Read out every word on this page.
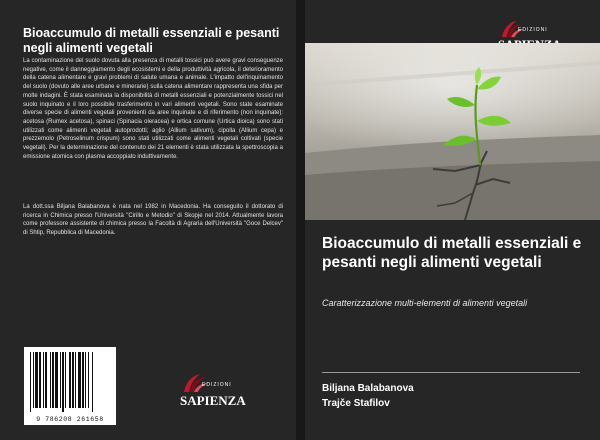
Bioaccumulo di metalli essenziali e pesanti negli alimenti vegetali
La contaminazione del suolo dovuta alla presenza di metalli tossici può avere gravi conseguenze negative, come il danneggiamento degli ecosistemi e della produttività agricola, il deterioramento della catena alimentare e gravi problemi di salute umana e animale. L'impatto dell'inquinamento del suolo (dovuto alle aree urbane e minerarie) sulla catena alimentare rappresenta una sfida per molte indagini. È stata esaminata la disponibilità di metalli essenziali e potenzialmente tossici nel suolo inquinato e il loro possibile trasferimento in vari alimenti vegetali. Sono state esaminate diverse specie di alimenti vegetali provenienti da aree inquinate e di riferimento (non inquinate): acetosa (Rumex acetosa), spinaci (Spinacia oleracea) e ortica comune (Urtica dioica) sono stati utilizzati come alimenti vegetali autoprodotti; aglio (Allium sativum), cipolla (Allium cepa) e prezzemolo (Petroselinum crispum) sono stati utilizzati come alimenti vegetali coltivati (specie vegetali). Per la determinazione del contenuto dei 21 elementi è stata utilizzata la spettroscopia a emissione atomica con plasma accoppiato induttivamente.
La dott.ssa Biljana Balabanova è nata nel 1982 in Macedonia. Ha conseguito il dottorato di ricerca in Chimica presso l'Università "Cirillo e Metodio" di Skopje nel 2014. Attualmente lavora come professore assistente di chimica presso la Facoltà di Agraria dell'Università "Goce Delcev" di Shtip, Repubblica di Macedonia.
9 786208 261658
EDIZIONI
SAPIENZA
EDIZIONI
Bioaccumulo di metalli essenziali e pesanti negli alimenti vegetali
Caratterizzazione multi-elementi di alimenti vegetali
Biljana Balabanova
Trajče Stafilov
